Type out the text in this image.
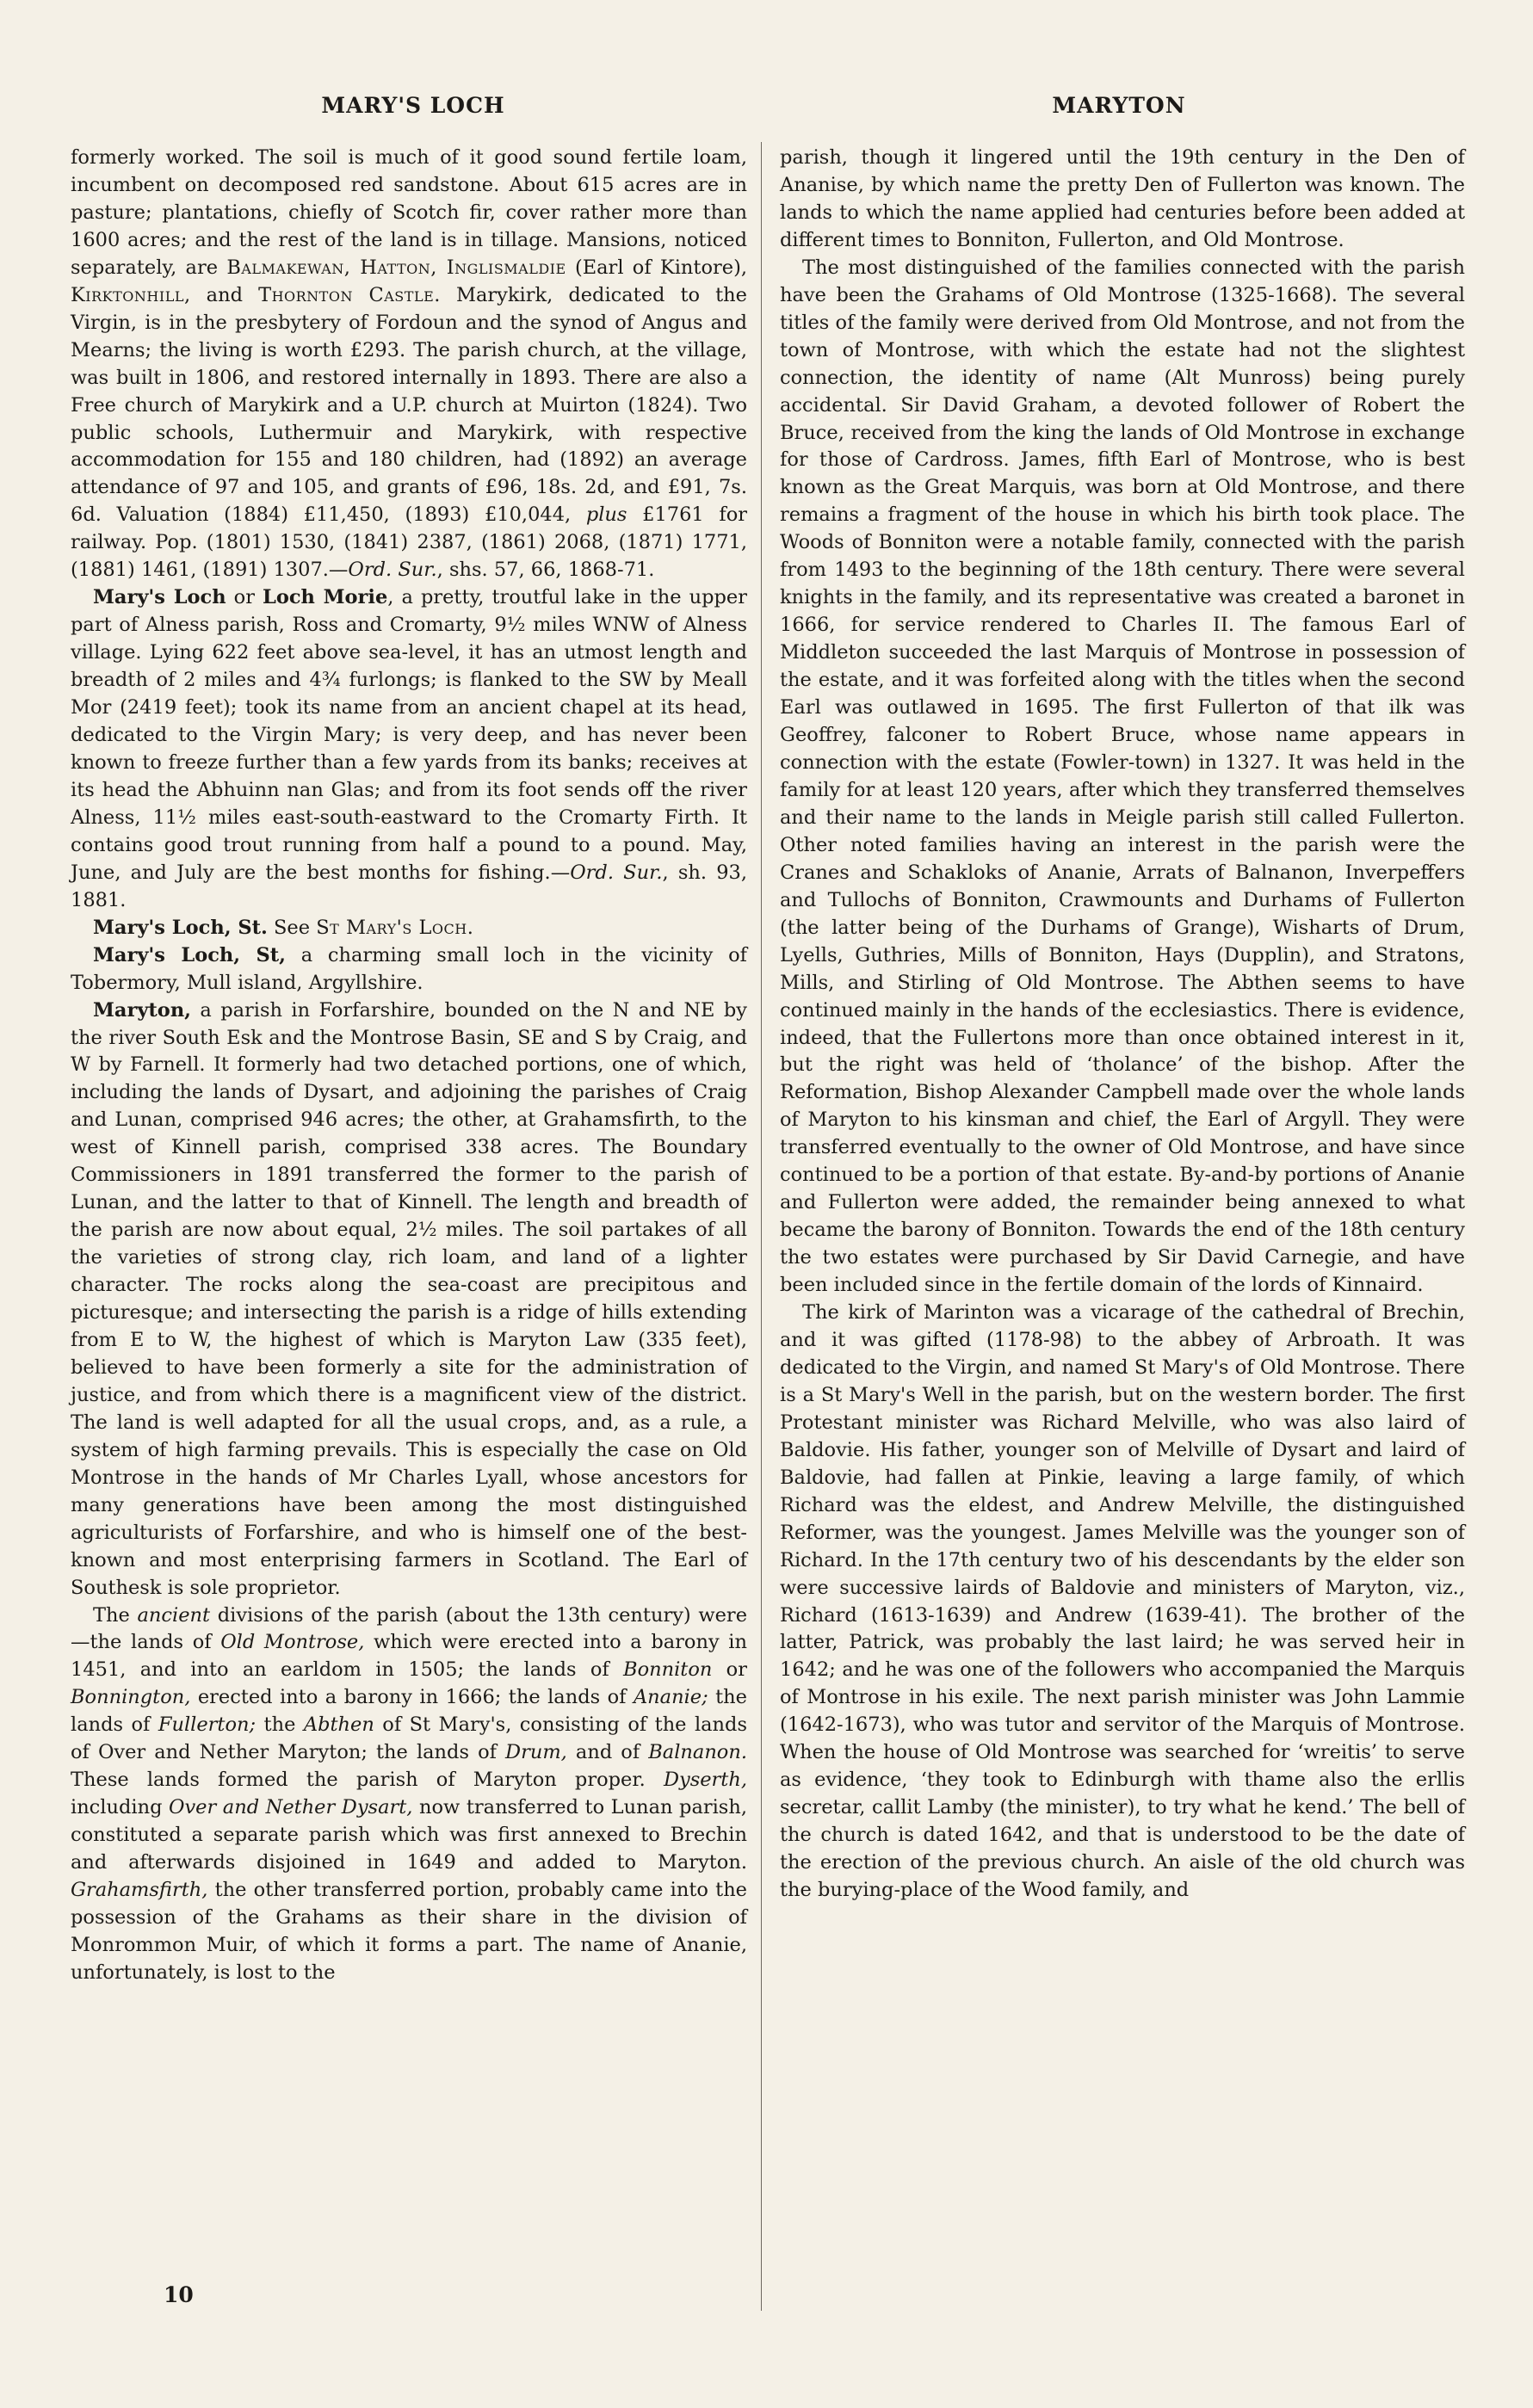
MARY'S LOCH	MARYTON

formerly worked. The soil is much of it good sound fertile loam, incumbent on decomposed red sandstone. About 615 acres are in pasture; plantations, chiefly of Scotch fir, cover rather more than 1600 acres; and the rest of the land is in tillage. Mansions, noticed separately, are Balmakewan, Hatton, Inglismaldie (Earl of Kintore), Kirktonhill, and Thornton Castle. Marykirk, dedicated to the Virgin, is in the presbytery of Fordoun and the synod of Angus and Mearns; the living is worth £293. The parish church, at the village, was built in 1806, and restored internally in 1893. There are also a Free church of Marykirk and a U.P. church at Muirton (1824). Two public schools, Luthermuir and Marykirk, with respective accommodation for 155 and 180 children, had (1892) an average attendance of 97 and 105, and grants of £96, 18s. 2d, and £91, 7s. 6d. Valuation (1884) £11,450, (1893) £10,044, plus £1761 for railway. Pop. (1801) 1530, (1841) 2387, (1861) 2068, (1871) 1771, (1881) 1461, (1891) 1307.—Ord. Sur., shs. 57, 66, 1868-71.

Mary's Loch or Loch Morie, a pretty, troutful lake in the upper part of Alness parish, Ross and Cromarty, 9½ miles WNW of Alness village. Lying 622 feet above sea-level, it has an utmost length and breadth of 2 miles and 4¾ furlongs; is flanked to the SW by Meall Mor (2419 feet); took its name from an ancient chapel at its head, dedicated to the Virgin Mary; is very deep, and has never been known to freeze further than a few yards from its banks; receives at its head the Abhuinn nan Glas; and from its foot sends off the river Alness, 11½ miles east-south-eastward to the Cromarty Firth. It contains good trout running from half a pound to a pound. May, June, and July are the best months for fishing.—Ord. Sur., sh. 93, 1881.

Mary's Loch, St. See St Mary's Loch.

Mary's Loch, St, a charming small loch in the vicinity of Tobermory, Mull island, Argyllshire.

Maryton, a parish in Forfarshire, bounded on the N and NE by the river South Esk and the Montrose Basin, SE and S by Craig, and W by Farnell. It formerly had two detached portions, one of which, including the lands of Dysart, and adjoining the parishes of Craig and Lunan, comprised 946 acres; the other, at Grahamsfirth, to the west of Kinnell parish, comprised 338 acres. The Boundary Commissioners in 1891 transferred the former to the parish of Lunan, and the latter to that of Kinnell. The length and breadth of the parish are now about equal, 2½ miles. The soil partakes of all the varieties of strong clay, rich loam, and land of a lighter character. The rocks along the sea-coast are precipitous and picturesque; and intersecting the parish is a ridge of hills extending from E to W, the highest of which is Maryton Law (335 feet), believed to have been formerly a site for the administration of justice, and from which there is a magnificent view of the district. The land is well adapted for all the usual crops, and, as a rule, a system of high farming prevails. This is especially the case on Old Montrose in the hands of Mr Charles Lyall, whose ancestors for many generations have been among the most distinguished agriculturists of Forfarshire, and who is himself one of the best-known and most enterprising farmers in Scotland. The Earl of Southesk is sole proprietor.

The ancient divisions of the parish (about the 13th century) were—the lands of Old Montrose, which were erected into a barony in 1451, and into an earldom in 1505; the lands of Bonniton or Bonnington, erected into a barony in 1666; the lands of Ananie; the lands of Fullerton; the Abthen of St Mary's, consisting of the lands of Over and Nether Maryton; the lands of Drum, and of Balnanon. These lands formed the parish of Maryton proper. Dyserth, including Over and Nether Dysart, now transferred to Lunan parish, constituted a separate parish which was first annexed to Brechin and afterwards disjoined in 1649 and added to Maryton. Grahamsfirth, the other transferred portion, probably came into the possession of the Grahams as their share in the division of Monrommon Muir, of which it forms a part. The name of Ananie, unfortunately, is lost to the

parish, though it lingered until the 19th century in the Den of Ananise, by which name the pretty Den of Fullerton was known. The lands to which the name applied had centuries before been added at different times to Bonniton, Fullerton, and Old Montrose.

The most distinguished of the families connected with the parish have been the Grahams of Old Montrose (1325-1668). The several titles of the family were derived from Old Montrose, and not from the town of Montrose, with which the estate had not the slightest connection, the identity of name (Alt Munross) being purely accidental. Sir David Graham, a devoted follower of Robert the Bruce, received from the king the lands of Old Montrose in exchange for those of Cardross. James, fifth Earl of Montrose, who is best known as the Great Marquis, was born at Old Montrose, and there remains a fragment of the house in which his birth took place. The Woods of Bonniton were a notable family, connected with the parish from 1493 to the beginning of the 18th century. There were several knights in the family, and its representative was created a baronet in 1666, for service rendered to Charles II. The famous Earl of Middleton succeeded the last Marquis of Montrose in possession of the estate, and it was forfeited along with the titles when the second Earl was outlawed in 1695. The first Fullerton of that ilk was Geoffrey, falconer to Robert Bruce, whose name appears in connection with the estate (Fowler-town) in 1327. It was held in the family for at least 120 years, after which they transferred themselves and their name to the lands in Meigle parish still called Fullerton. Other noted families having an interest in the parish were the Cranes and Schakloks of Ananie, Arrats of Balnanon, Inverpeffers and Tullochs of Bonniton, Crawmounts and Durhams of Fullerton (the latter being of the Durhams of Grange), Wisharts of Drum, Lyells, Guthries, Mills of Bonniton, Hays (Dupplin), and Stratons, Mills, and Stirling of Old Montrose. The Abthen seems to have continued mainly in the hands of the ecclesiastics. There is evidence, indeed, that the Fullertons more than once obtained interest in it, but the right was held of ‘tholance’ of the bishop. After the Reformation, Bishop Alexander Campbell made over the whole lands of Maryton to his kinsman and chief, the Earl of Argyll. They were transferred eventually to the owner of Old Montrose, and have since continued to be a portion of that estate. By-and-by portions of Ananie and Fullerton were added, the remainder being annexed to what became the barony of Bonniton. Towards the end of the 18th century the two estates were purchased by Sir David Carnegie, and have been included since in the fertile domain of the lords of Kinnaird.

The kirk of Marinton was a vicarage of the cathedral of Brechin, and it was gifted (1178-98) to the abbey of Arbroath. It was dedicated to the Virgin, and named St Mary's of Old Montrose. There is a St Mary's Well in the parish, but on the western border. The first Protestant minister was Richard Melville, who was also laird of Baldovie. His father, younger son of Melville of Dysart and laird of Baldovie, had fallen at Pinkie, leaving a large family, of which Richard was the eldest, and Andrew Melville, the distinguished Reformer, was the youngest. James Melville was the younger son of Richard. In the 17th century two of his descendants by the elder son were successive lairds of Baldovie and ministers of Maryton, viz., Richard (1613-1639) and Andrew (1639-41). The brother of the latter, Patrick, was probably the last laird; he was served heir in 1642; and he was one of the followers who accompanied the Marquis of Montrose in his exile. The next parish minister was John Lammie (1642-1673), who was tutor and servitor of the Marquis of Montrose. When the house of Old Montrose was searched for ‘wreitis’ to serve as evidence, ‘they took to Edinburgh with thame also the erllis secretar, callit Lamby (the minister), to try what he kend.’ The bell of the church is dated 1642, and that is understood to be the date of the erection of the previous church. An aisle of the old church was the burying-place of the Wood family, and

10
